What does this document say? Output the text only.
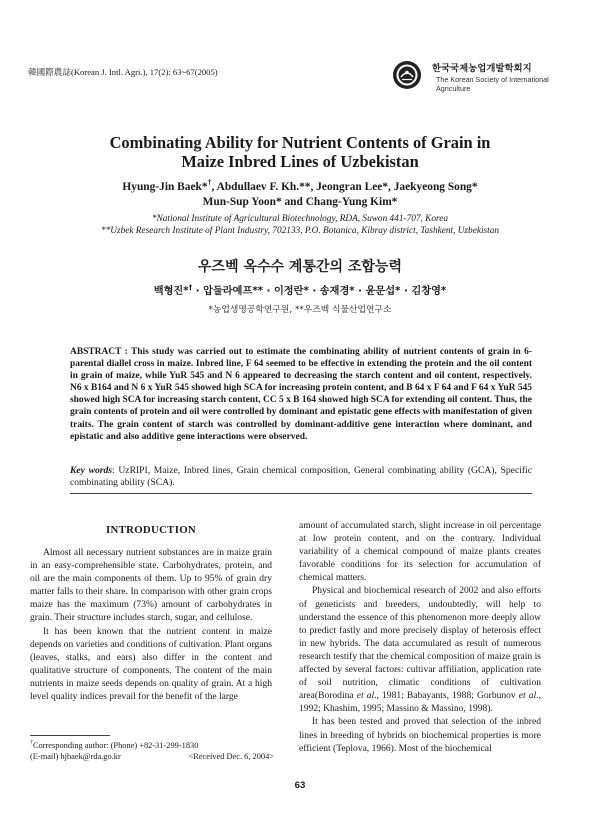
韓國際農誌(Korean J. Intl. Agri.), 17(2): 63~67(2005)	한국국제농업개발학회지
The Korean Society of International
Agriculture
Combinating Ability for Nutrient Contents of Grain in
Maize Inbred Lines of Uzbekistan
Hyung-Jin Baek*†, Abdullaev F. Kh.**, Jeongran Lee*, Jaekyeong Song*
Mun-Sup Yoon* and Chang-Yung Kim*
*National Institute of Agricultural Biotechnology, RDA, Suwon 441-707, Korea
**Uzbek Research Institute of Plant Industry, 702133, P.O. Botanica, Kibray district, Tashkent, Uzbekistan
우즈벡 옥수수 계통간의 조합능력
백형진*† · 압둘라예프** · 이정란* · 송재경* · 윤문섭* · 김창영*
*농업생명공학연구원, **우즈벡 식물산업연구소
ABSTRACT : This study was carried out to estimate the combinating ability of nutrient contents of grain in 6-parental diallel cross in maize. Inbred line, F 64 seemed to be effective in extending the protein and the oil content in grain of maize, while YuR 545 and N 6 appeared to decreasing the starch content and oil content, respectively. N6 x B164 and N 6 x YuR 545 showed high SCA for increasing protein content, and B 64 x F 64 and F 64 x YuR 545 showed high SCA for increasing starch content, CC 5 x B 164 showed high SCA for extending oil content. Thus, the grain contents of protein and oil were controlled by dominant and epistatic gene effects with manifestation of given traits. The grain content of starch was controlled by dominant-additive gene interaction where dominant, and epistatic and also additive gene interactions were observed.
Key words: UzRIPI, Maize, Inbred lines, Grain chemical composition, General combinating ability (GCA), Specific combinating ability (SCA).
INTRODUCTION

Almost all necessary nutrient substances are in maize grain in an easy-comprehensible state. Carbohydrates, protein, and oil are the main components of them. Up to 95% of grain dry matter falls to their share. In comparison with other grain crops maize has the maximum (73%) amount of carbohydrates in grain. Their structure includes starch, sugar, and cellulose.

It has been known that the nutrient content in maize depends on varieties and conditions of cultivation. Plant organs (leaves, stalks, and ears) also differ in the content and qualitative structure of components. The content of the main nutrients in maize seeds depends on quality of grain. At a high level quality indices prevail for the benefit of the large

amount of accumulated starch, slight increase in oil percentage at low protein content, and on the contrary. Individual variability of a chemical compound of maize plants creates favorable conditions for its selection for accumulation of chemical matters.

Physical and biochemical research of 2002 and also efforts of geneticists and breeders, undoubtedly, will help to understand the essence of this phenomenon more deeply allow to predict fastly and more precisely display of heterosis effect in new hybrids. The data accumulated as result of numerous research testify that the chemical composition of maize grain is affected by several factors: cultivar affiliation, application rate of soil nutrition, climatic conditions of cultivation area(Borodina et al., 1981; Babayants, 1988; Gorbunov et al., 1992; Khashim, 1995; Massino & Massino, 1998).

It has been tested and proved that selection of the inbred lines in breeding of hybrids on biochemical properties is more efficient (Teplova, 1966). Most of the biochemical

†Corresponding author: (Phone) +82-31-299-1830
(E-mail) hjbaek@rda.go.kr	<Received Dec. 6, 2004>
63
